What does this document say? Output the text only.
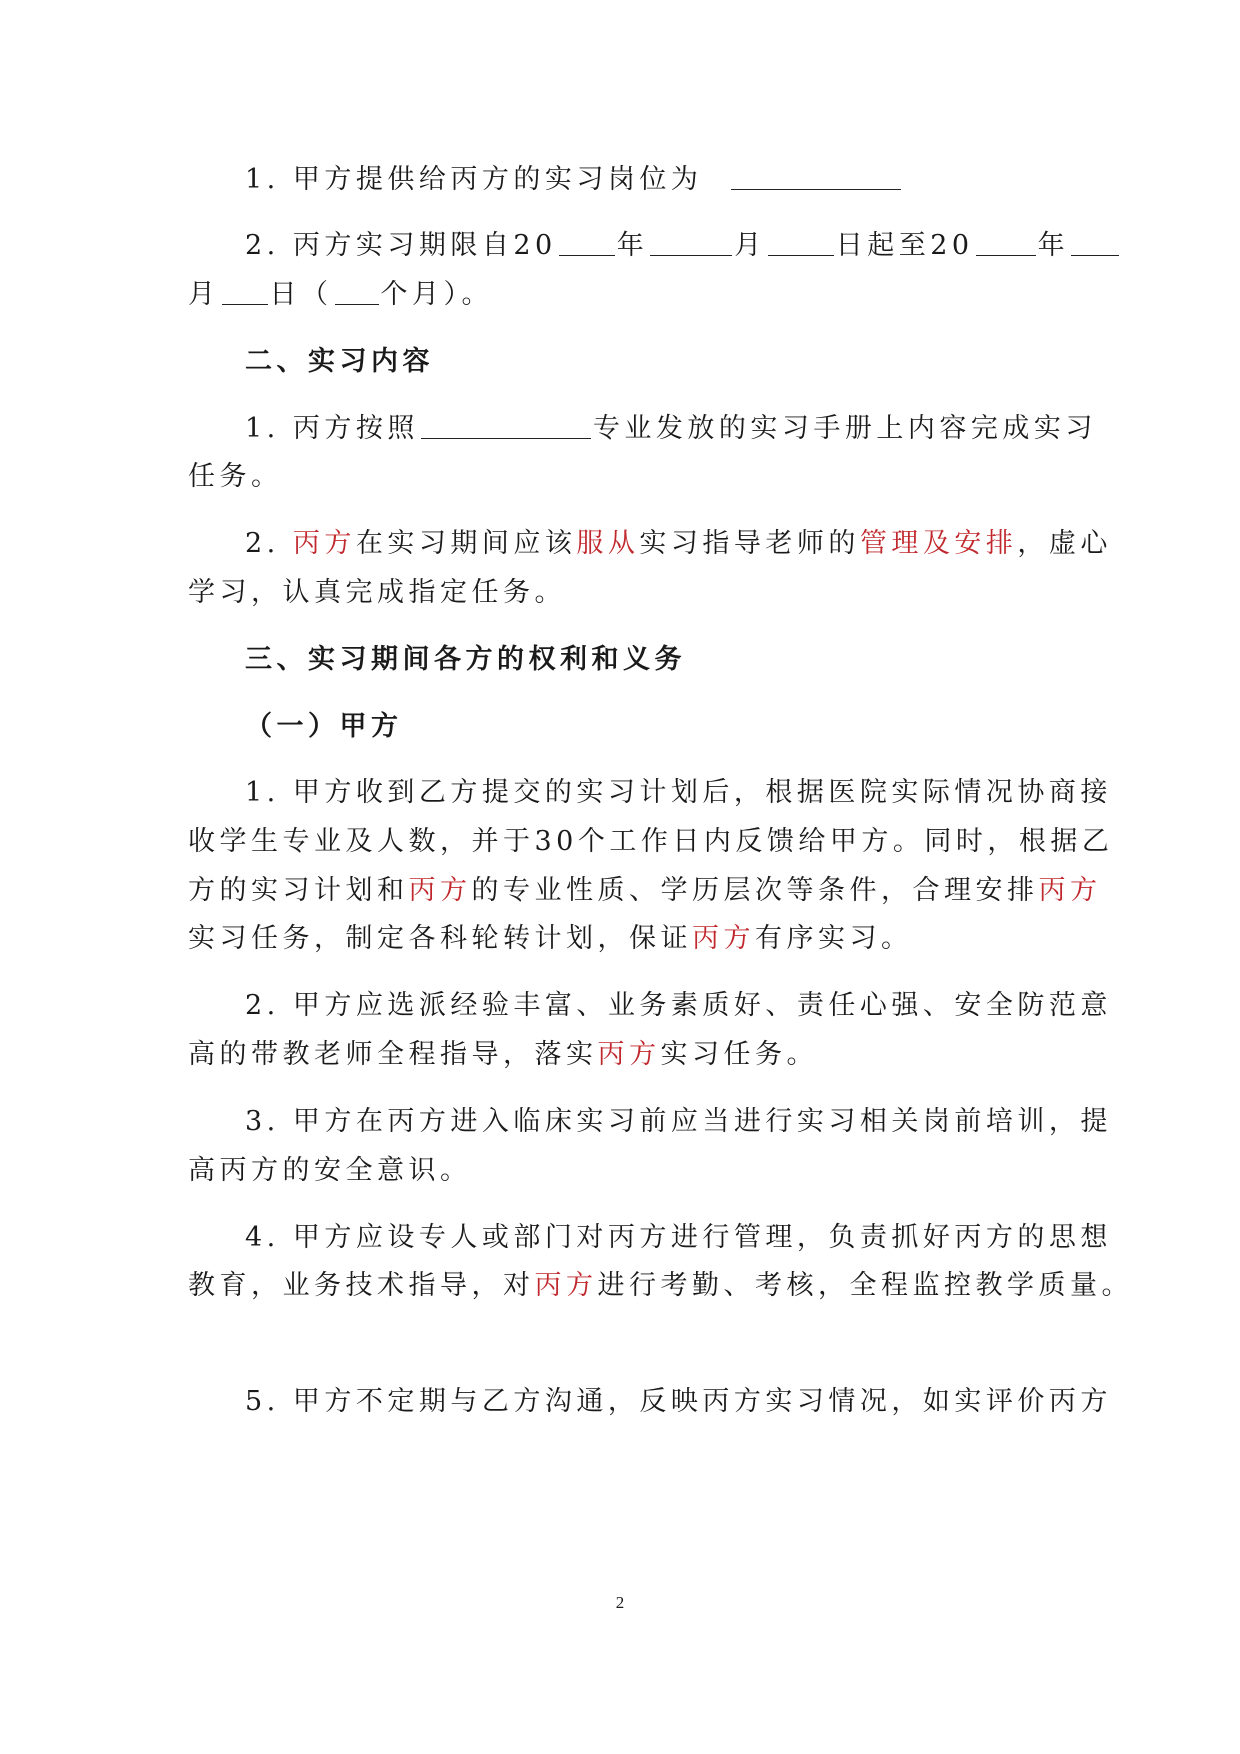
1. 甲方提供给丙方的实习岗位为
2. 丙方实习期限自20 年	月	日起至20 年
月 日（ 个月）。
二、实习内容
1. 丙方按照	专业发放的实习手册上内容完成实习
任务。
2. 丙方在实习期间应该服从实习指导老师的管理及安排，虚心
学习，认真完成指定任务。
三、实习期间各方的权利和义务
（一）甲方
1. 甲方收到乙方提交的实习计划后，根据医院实际情况协商接
收学生专业及人数，并于30个工作日内反馈给甲方。同时，根据乙
方的实习计划和丙方的专业性质、学历层次等条件，合理安排丙方
实习任务，制定各科轮转计划，保证丙方有序实习。
2. 甲方应选派经验丰富、业务素质好、责任心强、安全防范意
高的带教老师全程指导，落实丙方实习任务。
3. 甲方在丙方进入临床实习前应当进行实习相关岗前培训，提
高丙方的安全意识。
4. 甲方应设专人或部门对丙方进行管理，负责抓好丙方的思想
教育，业务技术指导，对丙方进行考勤、考核，全程监控教学质量。
5. 甲方不定期与乙方沟通，反映丙方实习情况，如实评价丙方
2
